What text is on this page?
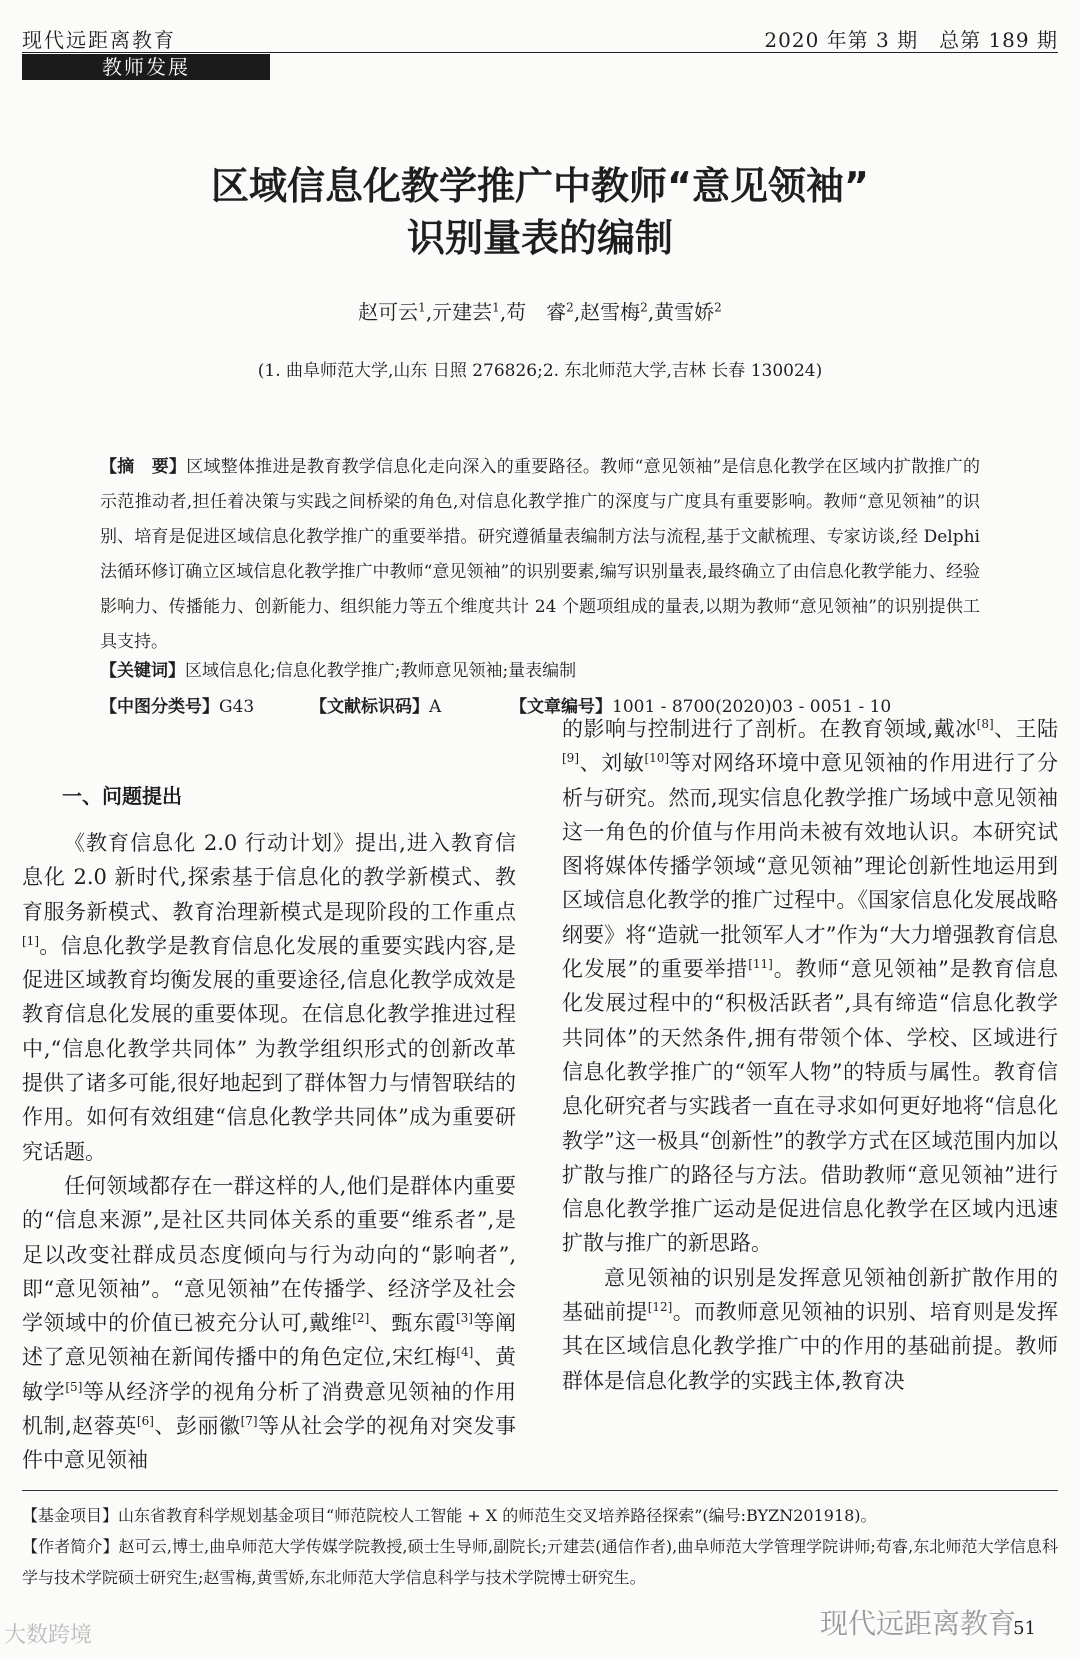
现代远距离教育	2020 年第 3 期　总第 189 期
教师发展
区域信息化教学推广中教师“意见领袖”
识别量表的编制
赵可云$^1$,亓建芸$^1$,苟　睿$^2$,赵雪梅$^2$,黄雪娇$^2$
(1. 曲阜师范大学,山东 日照 276826;2. 东北师范大学,吉林 长春 130024)
【摘　要】区域整体推进是教育教学信息化走向深入的重要路径。教师“意见领袖”是信息化教学在区域内扩散推广的示范推动者,担任着决策与实践之间桥梁的角色,对信息化教学推广的深度与广度具有重要影响。教师“意见领袖”的识别、培育是促进区域信息化教学推广的重要举措。研究遵循量表编制方法与流程,基于文献梳理、专家访谈,经 Delphi 法循环修订确立区域信息化教学推广中教师“意见领袖”的识别要素,编写识别量表,最终确立了由信息化教学能力、经验影响力、传播能力、创新能力、组织能力等五个维度共计 24 个题项组成的量表,以期为教师“意见领袖”的识别提供工具支持。
【关键词】区域信息化;信息化教学推广;教师意见领袖;量表编制
【中图分类号】G43	【文献标识码】A	【文章编号】1001 - 8700(2020)03 - 0051 - 10
一、问题提出

《教育信息化 2.0 行动计划》提出,进入教育信息化 2.0 新时代,探索基于信息化的教学新模式、教育服务新模式、教育治理新模式是现阶段的工作重点[1]。信息化教学是教育信息化发展的重要实践内容,是促进区域教育均衡发展的重要途径,信息化教学成效是教育信息化发展的重要体现。在信息化教学推进过程中,“信息化教学共同体” 为教学组织形式的创新改革提供了诸多可能,很好地起到了群体智力与情智联结的作用。如何有效组建“信息化教学共同体”成为重要研究话题。

任何领域都存在一群这样的人,他们是群体内重要的“信息来源”,是社区共同体关系的重要“维系者”,是足以改变社群成员态度倾向与行为动向的“影响者”,即“意见领袖”。“意见领袖”在传播学、经济学及社会学领域中的价值已被充分认可,戴维[2]、甄东霞[3]等阐述了意见领袖在新闻传播中的角色定位,宋红梅[4]、黄敏学[5]等从经济学的视角分析了消费意见领袖的作用机制,赵蓉英[6]、彭丽徽[7]等从社会学的视角对突发事件中意见领袖

的影响与控制进行了剖析。在教育领域,戴冰[8]、王陆[9]、刘敏[10]等对网络环境中意见领袖的作用进行了分析与研究。然而,现实信息化教学推广场域中意见领袖这一角色的价值与作用尚未被有效地认识。本研究试图将媒体传播学领域“意见领袖”理论创新性地运用到区域信息化教学的推广过程中。《国家信息化发展战略纲要》将“造就一批领军人才”作为“大力增强教育信息化发展”的重要举措[11]。教师“意见领袖”是教育信息化发展过程中的“积极活跃者”,具有缔造“信息化教学共同体”的天然条件,拥有带领个体、学校、区域进行信息化教学推广的“领军人物”的特质与属性。教育信息化研究者与实践者一直在寻求如何更好地将“信息化教学”这一极具“创新性”的教学方式在区域范围内加以扩散与推广的路径与方法。借助教师“意见领袖”进行信息化教学推广运动是促进信息化教学在区域内迅速扩散与推广的新思路。

意见领袖的识别是发挥意见领袖创新扩散作用的基础前提[12]。而教师意见领袖的识别、培育则是发挥其在区域信息化教学推广中的作用的基础前提。教师群体是信息化教学的实践主体,教育决

【基金项目】山东省教育科学规划基金项目“师范院校人工智能 + X 的师范生交叉培养路径探索”(编号:BYZN201918)。
【作者简介】赵可云,博士,曲阜师范大学传媒学院教授,硕士生导师,副院长;亓建芸(通信作者),曲阜师范大学管理学院讲师;苟睿,东北师范大学信息科学与技术学院硕士研究生;赵雪梅,黄雪娇,东北师范大学信息科学与技术学院博士研究生。
51
大数跨境	现代远距离教育
